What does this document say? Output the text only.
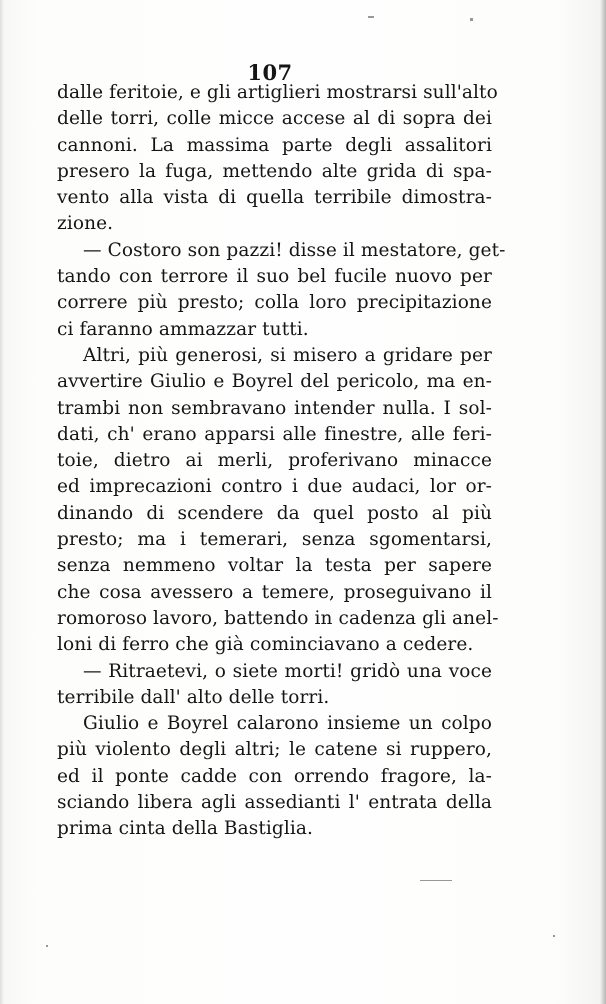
107
dalle feritoie, e gli artiglieri mostrarsi sull'alto
delle torri, colle micce accese al di sopra dei
cannoni. La massima parte degli assalitori
presero la fuga, mettendo alte grida di spa-
vento alla vista di quella terribile dimostra-
zione.
— Costoro son pazzi! disse il mestatore, get-
tando con terrore il suo bel fucile nuovo per
correre più presto; colla loro precipitazione
ci faranno ammazzar tutti.
Altri, più generosi, si misero a gridare per
avvertire Giulio e Boyrel del pericolo, ma en-
trambi non sembravano intender nulla. I sol-
dati, ch' erano apparsi alle finestre, alle feri-
toie, dietro ai merli, proferivano minacce
ed imprecazioni contro i due audaci, lor or-
dinando di scendere da quel posto al più
presto; ma i temerari, senza sgomentarsi,
senza nemmeno voltar la testa per sapere
che cosa avessero a temere, proseguivano il
romoroso lavoro, battendo in cadenza gli anel-
loni di ferro che già cominciavano a cedere.
— Ritraetevi, o siete morti! gridò una voce
terribile dall' alto delle torri.
Giulio e Boyrel calarono insieme un colpo
più violento degli altri; le catene si ruppero,
ed il ponte cadde con orrendo fragore, la-
sciando libera agli assedianti l' entrata della
prima cinta della Bastiglia.
